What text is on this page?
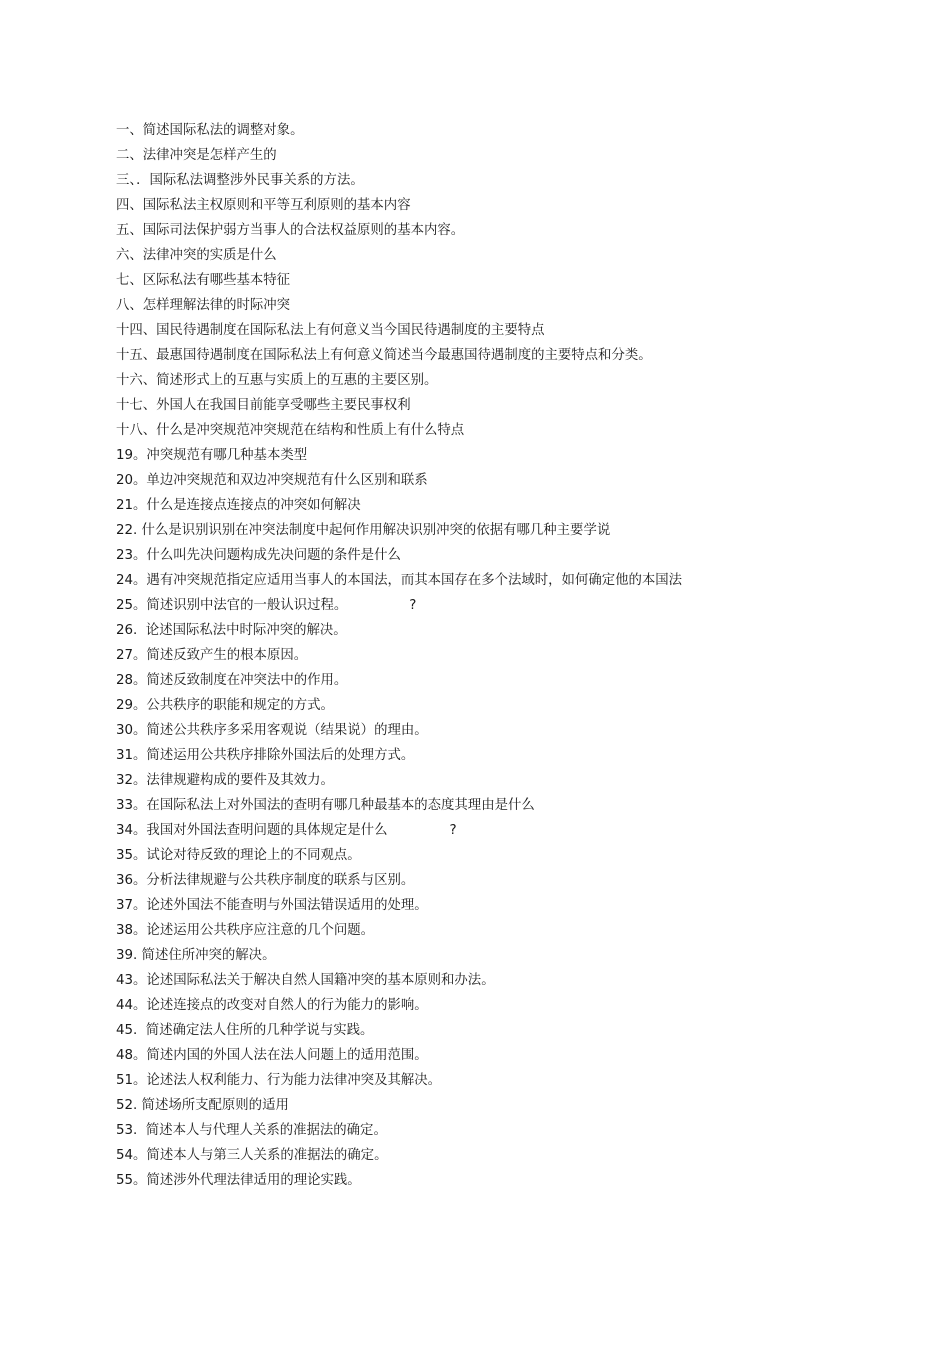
一、简述国际私法的调整对象。
二、法律冲突是怎样产生的
三、．国际私法调整涉外民事关系的方法。
四、国际私法主权原则和平等互利原则的基本内容
五、国际司法保护弱方当事人的合法权益原则的基本内容。
六、法律冲突的实质是什么
七、区际私法有哪些基本特征
八、怎样理解法律的时际冲突
十四、国民待遇制度在国际私法上有何意义当今国民待遇制度的主要特点
十五、最惠国待遇制度在国际私法上有何意义简述当今最惠国待遇制度的主要特点和分类。
十六、简述形式上的互惠与实质上的互惠的主要区别。
十七、外国人在我国目前能享受哪些主要民事权利
十八、什么是冲突规范冲突规范在结构和性质上有什么特点
19。冲突规范有哪几种基本类型
20。单边冲突规范和双边冲突规范有什么区别和联系
21。什么是连接点连接点的冲突如何解决
22. 什么是识别识别在冲突法制度中起何作用解决识别冲突的依据有哪几种主要学说
23。什么叫先决问题构成先决问题的条件是什么
24。遇有冲突规范指定应适用当事人的本国法，而其本国存在多个法域时，如何确定他的本国法
25。简述识别中法官的一般认识过程。	?
26.  论述国际私法中时际冲突的解决。
27。简述反致产生的根本原因。
28。简述反致制度在冲突法中的作用。
29。公共秩序的职能和规定的方式。
30。简述公共秩序多采用客观说（结果说）的理由。
31。简述运用公共秩序排除外国法后的处理方式。
32。法律规避构成的要件及其效力。
33。在国际私法上对外国法的查明有哪几种最基本的态度其理由是什么
34。我国对外国法查明问题的具体规定是什么	?
35。试论对待反致的理论上的不同观点。
36。分析法律规避与公共秩序制度的联系与区别。
37。论述外国法不能查明与外国法错误适用的处理。
38。论述运用公共秩序应注意的几个问题。
39. 简述住所冲突的解决。
43。论述国际私法关于解决自然人国籍冲突的基本原则和办法。
44。论述连接点的改变对自然人的行为能力的影响。
45.  简述确定法人住所的几种学说与实践。
48。简述内国的外国人法在法人问题上的适用范围。
51。论述法人权利能力、行为能力法律冲突及其解决。
52. 简述场所支配原则的适用
53.  简述本人与代理人关系的准据法的确定。
54。简述本人与第三人关系的准据法的确定。
55。简述涉外代理法律适用的理论实践。
